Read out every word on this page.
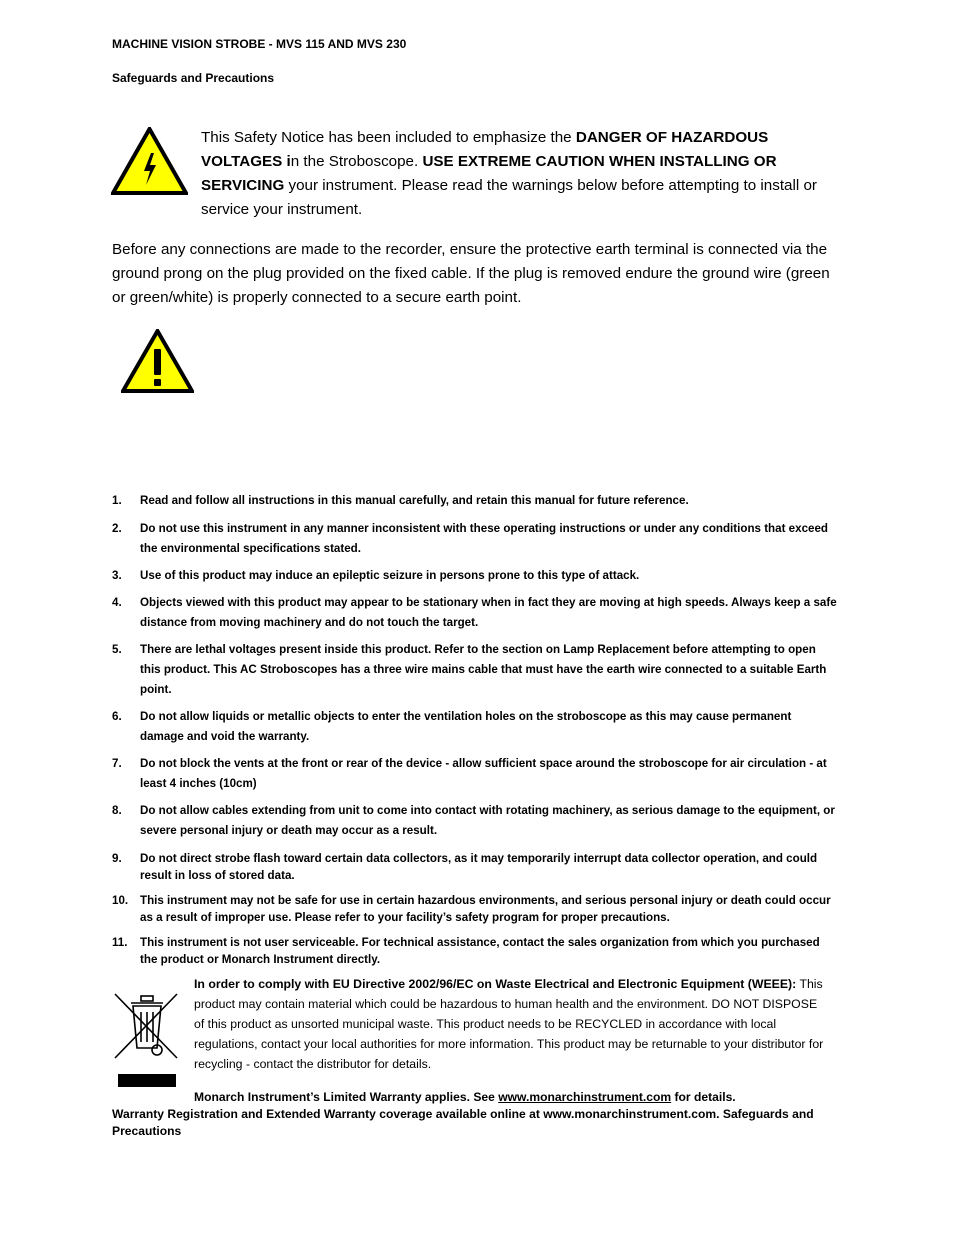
MACHINE VISION STROBE - MVS 115 AND MVS 230
Safeguards and Precautions
This Safety Notice has been included to emphasize the DANGER OF HAZARDOUS VOLTAGES in the Stroboscope. USE EXTREME CAUTION WHEN INSTALLING OR SERVICING your instrument. Please read the warnings below before attempting to install or service your instrument.
Before any connections are made to the recorder, ensure the protective earth terminal is connected via the ground prong on the plug provided on the fixed cable. If the plug is removed endure the ground wire (green or green/white) is properly connected to a secure earth point.
1.	Read and follow all instructions in this manual carefully, and retain this manual for future reference.
2.	Do not use this instrument in any manner inconsistent with these operating instructions or under any conditions that exceed the environmental specifications stated.
3.	Use of this product may induce an epileptic seizure in persons prone to this type of attack.
4.	Objects viewed with this product may appear to be stationary when in fact they are moving at high speeds. Always keep a safe distance from moving machinery and do not touch the target.
5.	There are lethal voltages present inside this product. Refer to the section on Lamp Replacement before attempting to open this product. This AC Stroboscopes has a three wire mains cable that must have the earth wire connected to a suitable Earth point.
6.	Do not allow liquids or metallic objects to enter the ventilation holes on the stroboscope as this may cause permanent damage and void the warranty.
7.	Do not block the vents at the front or rear of the device - allow sufficient space around the stroboscope for air circulation - at least 4 inches (10cm)
8.	Do not allow cables extending from unit to come into contact with rotating machinery, as serious damage to the equipment, or severe personal injury or death may occur as a result.
9.	Do not direct strobe flash toward certain data collectors, as it may temporarily interrupt data collector operation, and could result in loss of stored data.
10.	This instrument may not be safe for use in certain hazardous environments, and serious personal injury or death could occur as a result of improper use. Please refer to your facility’s safety program for proper precautions.
11.	This instrument is not user serviceable. For technical assistance, contact the sales organization from which you purchased the product or Monarch Instrument directly.
In order to comply with EU Directive 2002/96/EC on Waste Electrical and Electronic Equipment (WEEE): This product may contain material which could be hazardous to human health and the environment. DO NOT DISPOSE of this product as unsorted municipal waste. This product needs to be RECYCLED in accordance with local regulations, contact your local authorities for more information. This product may be returnable to your distributor for recycling - contact the distributor for details.
Monarch Instrument’s Limited Warranty applies. See www.monarchinstrument.com for details.
Warranty Registration and Extended Warranty coverage available online at www.monarchinstrument.com. Safeguards and Precautions
